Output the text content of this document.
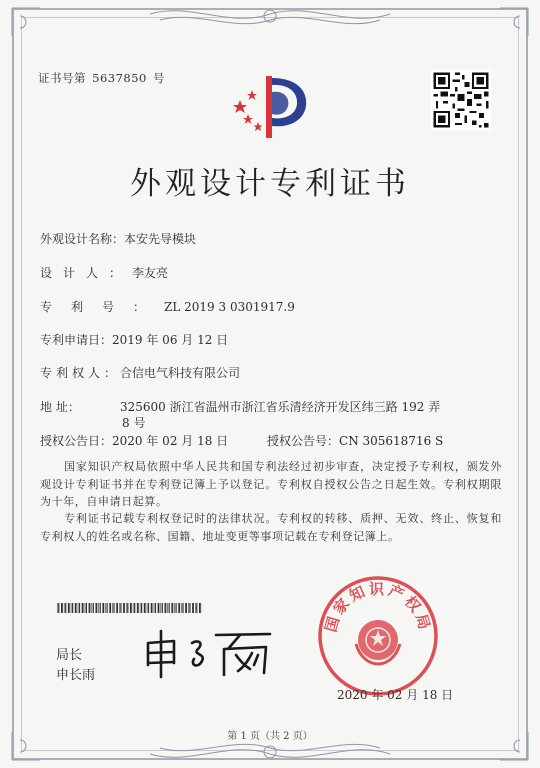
证书号第 5637850 号
外观设计专利证书
外观设计名称：本安先导模块
设计人：李友亮
专利号：ZL 2019 3 0301917.9
专利申请日：2019 年 06 月 12 日
专利权人：合信电气科技有限公司
地 址：	325600 浙江省温州市浙江省乐清经济开发区纬三路 192 弄
8 号
授权公告日：2020 年 02 月 18 日	授权公告号：CN 305618716 S

国家知识产权局依照中华人民共和国专利法经过初步审查，决定授予专利权，颁发外观设计专利证书并在专利登记簿上予以登记。专利权自授权公告之日起生效。专利权期限为十年，自申请日起算。

专利证书记载专利权登记时的法律状况。专利权的转移、质押、无效、终止、恢复和专利权人的姓名或名称、国籍、地址变更等事项记载在专利登记簿上。

局长
申长雨
国家知识产权局
2020 年 02 月 18 日
第 1 页（共 2 页）
